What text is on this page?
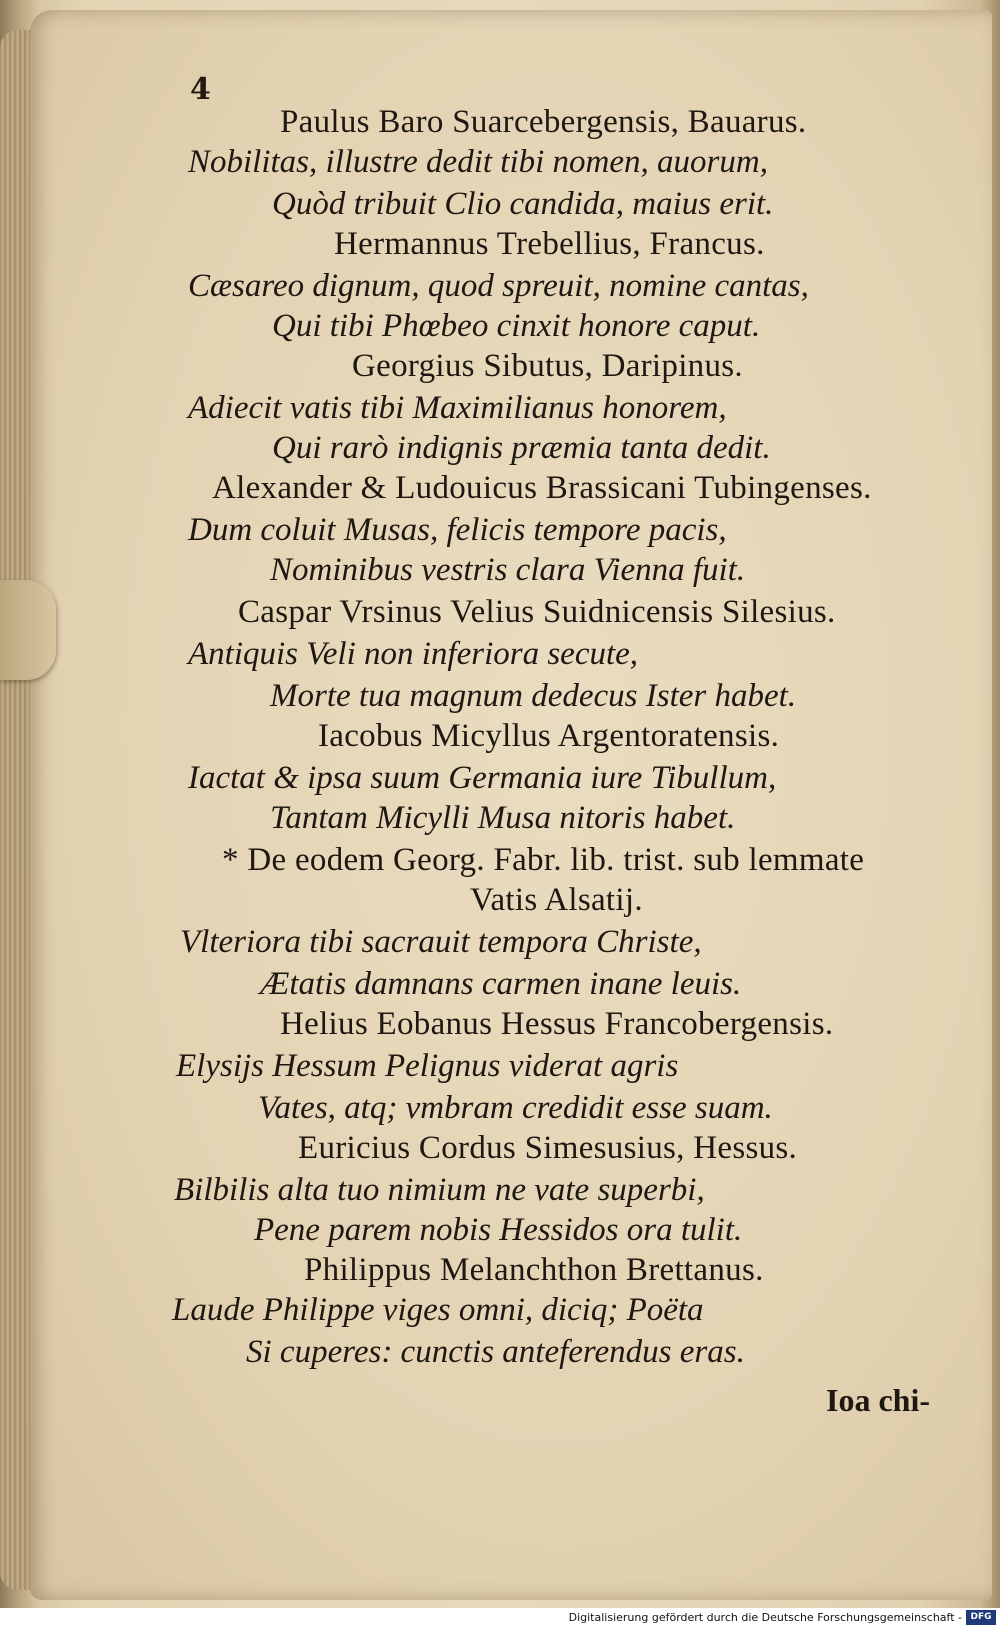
4
Paulus Baro Suarcebergensis, Bauarus.
Nobilitas, illustre dedit tibi nomen, auorum,
Quòd tribuit Clio candida, maius erit.
Hermannus Trebellius, Francus.
Cæsareo dignum, quod spreuit, nomine cantas,
Qui tibi Phœbeo cinxit honore caput.
Georgius Sibutus, Daripinus.
Adiecit vatis tibi Maximilianus honorem,
Qui rarò indignis præmia tanta dedit.
Alexander & Ludouicus Brassicani Tubingenses.
Dum coluit Musas, felicis tempore pacis,
Nominibus vestris clara Vienna fuit.
Caspar Vrsinus Velius Suidnicensis Silesius.
Antiquis Veli non inferiora secute,
Morte tua magnum dedecus Ister habet.
Iacobus Micyllus Argentoratensis.
Iactat & ipsa suum Germania iure Tibullum,
Tantam Micylli Musa nitoris habet.
* De eodem Georg. Fabr. lib. trist. sub lemmate
Vatis Alsatij.
Vlteriora tibi sacrauit tempora Christe,
Ætatis damnans carmen inane leuis.
Helius Eobanus Hessus Francobergensis.
Elysijs Hessum Pelignus viderat agris
Vates, atq; vmbram credidit esse suam.
Euricius Cordus Simesusius, Hessus.
Bilbilis alta tuo nimium ne vate superbi,
Pene parem nobis Hessidos ora tulit.
Philippus Melanchthon Brettanus.
Laude Philippe viges omni, diciq; Poëta
Si cuperes: cunctis anteferendus eras.
Ioa chi-
Digitalisierung gefördert durch die Deutsche Forschungsgemeinschaft - DFG
